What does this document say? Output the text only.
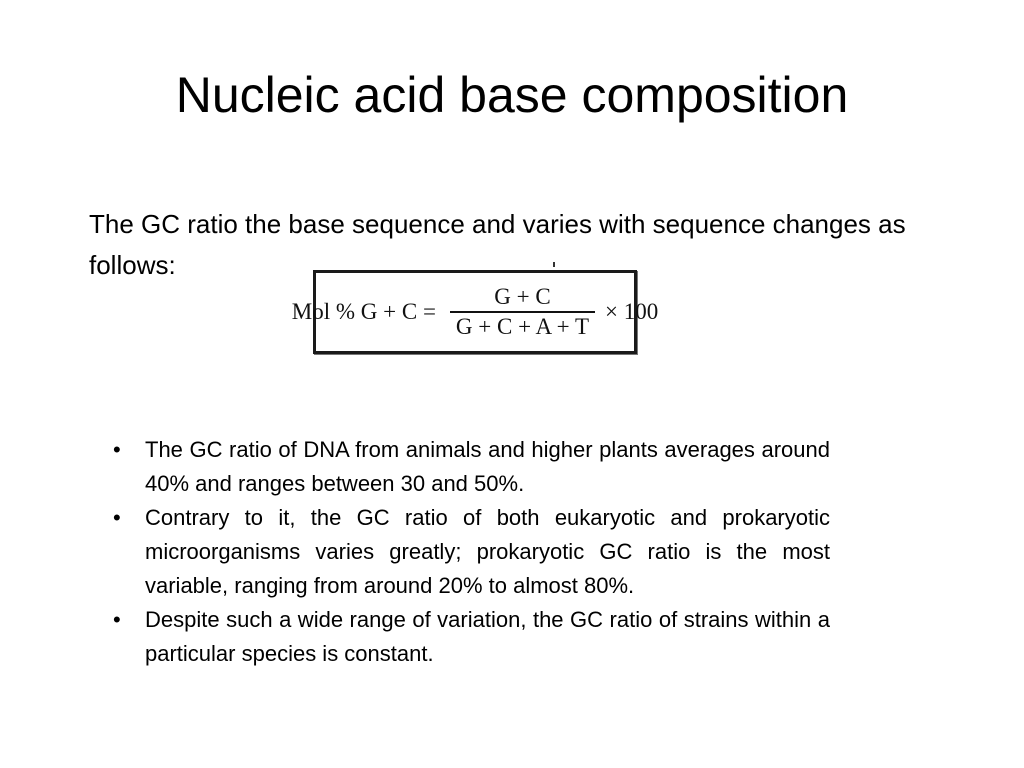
Nucleic acid base composition

The GC ratio the base sequence and varies with sequence changes as follows:

Mol % $G + C = \frac{G + C}{G + C + A + T} \times 100$
•	The GC ratio of DNA from animals and higher plants averages around 40% and ranges between 30 and 50%.
•	Contrary to it, the GC ratio of both eukaryotic and prokaryotic microorganisms varies greatly; prokaryotic GC ratio is the most variable, ranging from around 20% to almost 80%.
•	Despite such a wide range of variation, the GC ratio of strains within a particular species is constant.
